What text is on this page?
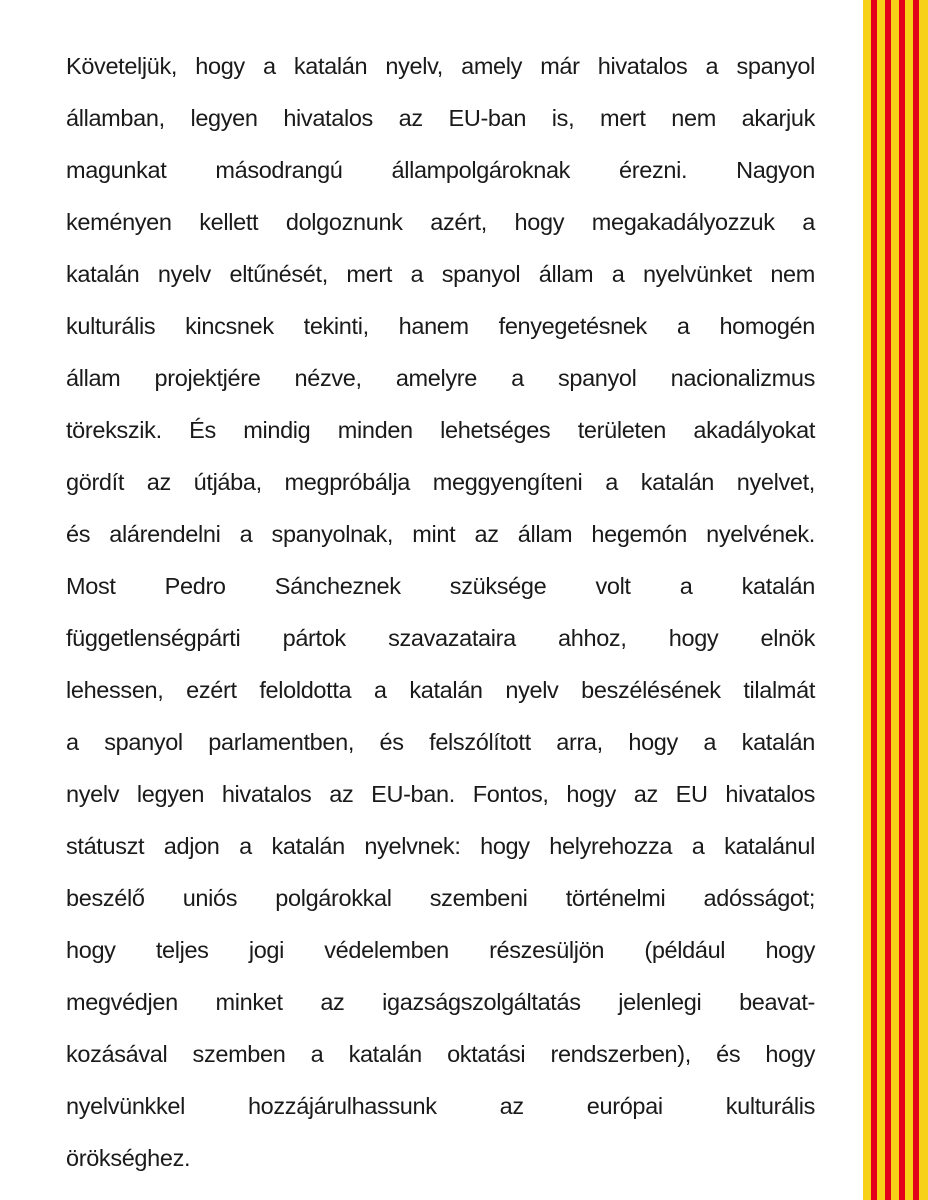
Követeljük, hogy a katalán nyelv, amely már hivatalos a spanyol
államban, legyen hivatalos az EU-ban is, mert nem akarjuk
magunkat másodrangú állampolgároknak érezni. Nagyon
keményen kellett dolgoznunk azért, hogy megakadályozzuk a
katalán nyelv eltűnését, mert a spanyol állam a nyelvünket nem
kulturális kincsnek tekinti, hanem fenyegetésnek a homogén
állam projektjére nézve, amelyre a spanyol nacionalizmus
törekszik. És mindig minden lehetséges területen akadályokat
gördít az útjába, megpróbálja meggyengíteni a katalán nyelvet,
és alárendelni a spanyolnak, mint az állam hegemón nyelvének.
Most Pedro Sáncheznek szüksége volt a katalán
függetlenségpárti pártok szavazataira ahhoz, hogy elnök
lehessen, ezért feloldotta a katalán nyelv beszélésének tilalmát
a spanyol parlamentben, és felszólított arra, hogy a katalán
nyelv legyen hivatalos az EU-ban. Fontos, hogy az EU hivatalos
státuszt adjon a katalán nyelvnek: hogy helyrehozza a katalánul
beszélő uniós polgárokkal szembeni történelmi adósságot;
hogy teljes jogi védelemben részesüljön (például hogy
megvédjen minket az igazságszolgáltatás jelenlegi beavat-
kozásával szemben a katalán oktatási rendszerben), és hogy
nyelvünkkel hozzájárulhassunk az európai kulturális
örökséghez.
